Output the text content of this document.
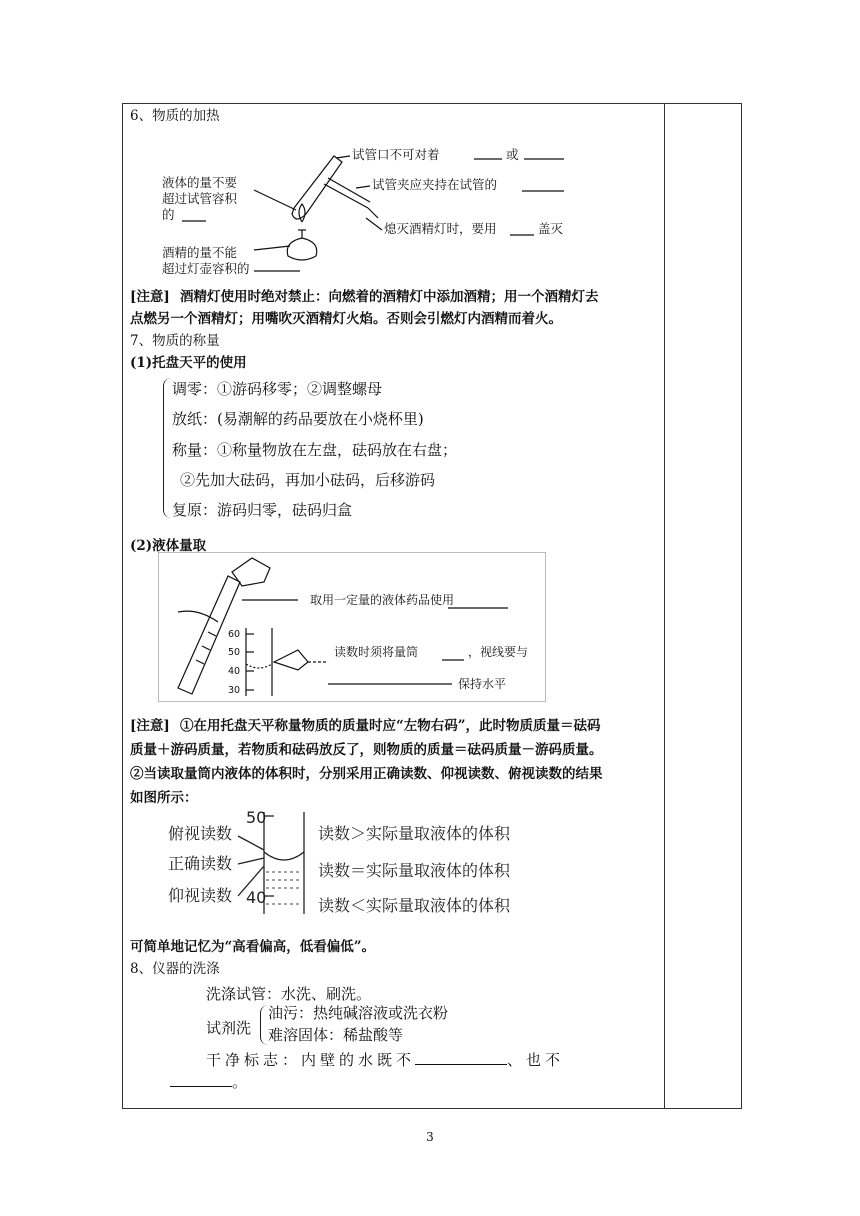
6、物质的加热
液体的量不要
超过试管容积
的
酒精的量不能
超过灯壶容积的
试管口不可对着	或
试管夹应夹持在试管的
熄灭酒精灯时，要用	盖灭
[注意] 酒精灯使用时绝对禁止：向燃着的酒精灯中添加酒精；用一个酒精灯去
点燃另一个酒精灯；用嘴吹灭酒精灯火焰。否则会引燃灯内酒精而着火。
7、物质的称量
(1)托盘天平的使用
调零：①游码移零；②调整螺母
放纸：(易潮解的药品要放在小烧杯里)
称量：①称量物放在左盘，砝码放在右盘；
②先加大砝码，再加小砝码，后移游码
复原：游码归零，砝码归盒
(2)液体量取
60
50
40
30
取用一定量的液体药品使用
读数时须将量筒	，视线要与
保持水平
[注意] ①在用托盘天平称量物质的质量时应“左物右码”，此时物质质量＝砝码
质量＋游码质量，若物质和砝码放反了，则物质的质量＝砝码质量－游码质量。
②当读取量筒内液体的体积时，分别采用正确读数、仰视读数、俯视读数的结果
如图所示：
俯视读数
正确读数
仰视读数
读数＞实际量取液体的体积
读数＝实际量取液体的体积
读数＜实际量取液体的体积
50
40
可简单地记忆为“高看偏高，低看偏低”。
8、仪器的洗涤
洗涤试管：水洗、刷洗。
试剂洗
油污：热纯碱溶液或洗衣粉
难溶固体：稀盐酸等
干净标志：内壁的水既不	、也不
。
3
